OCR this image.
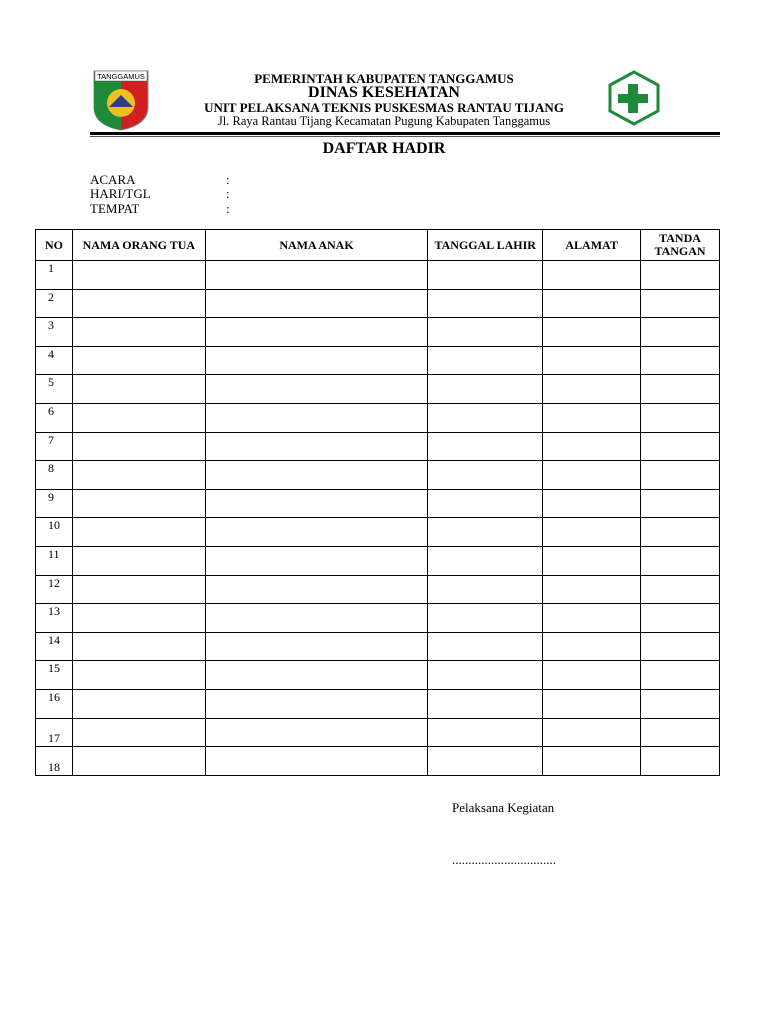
TANGGAMUS	PEMERINTAH KABUPATEN TANGGAMUS
DINAS KESEHATAN
UNIT PELAKSANA TEKNIS PUSKESMAS RANTAU TIJANG
Jl. Raya Rantau Tijang Kecamatan Pugung Kabupaten Tanggamus
DAFTAR HADIR
ACARA	:
HARI/TGL	:
TEMPAT	:
NO	NAMA ORANG TUA	NAMA ANAK	TANGGAL LAHIR	ALAMAT	TANDA TANGAN
1					
2					
3					
4					
5					
6					
7					
8					
9					
10					
11					
12					
13					
14					
15					
16					
17					
18					
Pelaksana Kegiatan
................................
